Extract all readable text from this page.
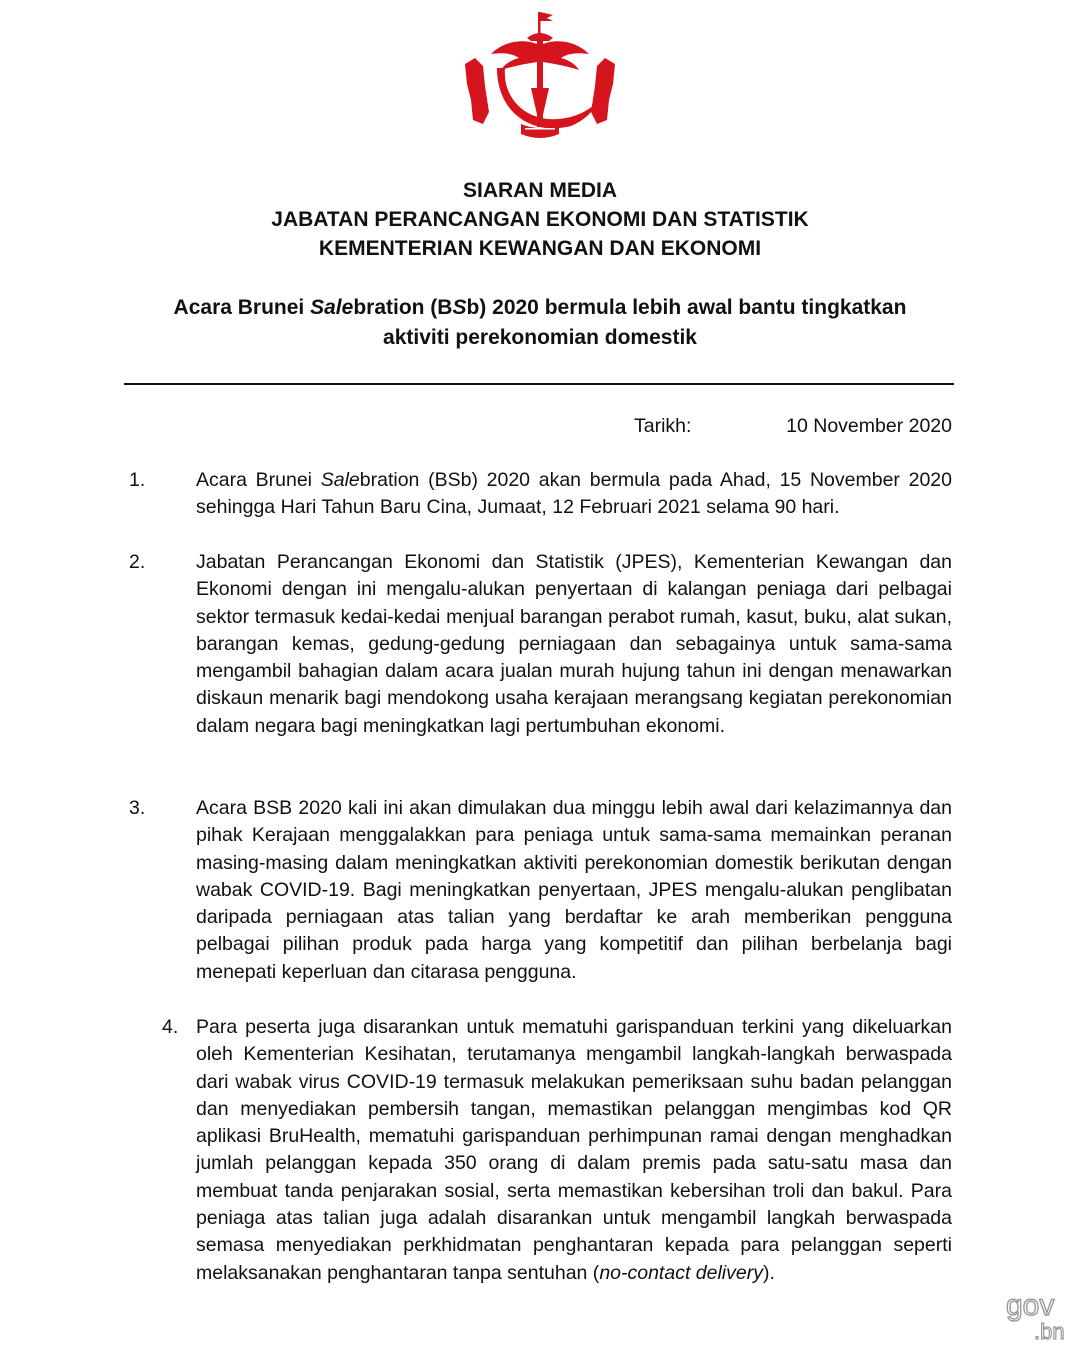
SIARAN MEDIA
JABATAN PERANCANGAN EKONOMI DAN STATISTIK
KEMENTERIAN KEWANGAN DAN EKONOMI
Acara Brunei Salebration (BSb) 2020 bermula lebih awal bantu tingkatkan
aktiviti perekonomian domestik
Tarikh:	10 November 2020
1.	Acara Brunei Salebration (BSb) 2020 akan bermula pada Ahad, 15 November 2020 sehingga Hari Tahun Baru Cina, Jumaat, 12 Februari 2021 selama 90 hari.

2.	Jabatan Perancangan Ekonomi dan Statistik (JPES), Kementerian Kewangan dan Ekonomi dengan ini mengalu-alukan penyertaan di kalangan peniaga dari pelbagai sektor termasuk kedai-kedai menjual barangan perabot rumah, kasut, buku, alat sukan, barangan kemas, gedung-gedung perniagaan dan sebagainya untuk sama-sama mengambil bahagian dalam acara jualan murah hujung tahun ini dengan menawarkan diskaun menarik bagi mendokong usaha kerajaan merangsang kegiatan perekonomian dalam negara bagi meningkatkan lagi pertumbuhan ekonomi.

3.	Acara BSB 2020 kali ini akan dimulakan dua minggu lebih awal dari kelazimannya dan pihak Kerajaan menggalakkan para peniaga untuk sama-sama memainkan peranan masing-masing dalam meningkatkan aktiviti perekonomian domestik berikutan dengan wabak COVID-19. Bagi meningkatkan penyertaan, JPES mengalu-alukan penglibatan daripada perniagaan atas talian yang berdaftar ke arah memberikan pengguna pelbagai pilihan produk pada harga yang kompetitif dan pilihan berbelanja bagi menepati keperluan dan citarasa pengguna.

4. Para peserta juga disarankan untuk mematuhi garispanduan terkini yang dikeluarkan oleh Kementerian Kesihatan, terutamanya mengambil langkah-langkah berwaspada dari wabak virus COVID-19 termasuk melakukan pemeriksaan suhu badan pelanggan dan menyediakan pembersih tangan, memastikan pelanggan mengimbas kod QR aplikasi BruHealth, mematuhi garispanduan perhimpunan ramai dengan menghadkan jumlah pelanggan kepada 350 orang di dalam premis pada satu-satu masa dan membuat tanda penjarakan sosial, serta memastikan kebersihan troli dan bakul. Para peniaga atas talian juga adalah disarankan untuk mengambil langkah berwaspada semasa menyediakan perkhidmatan penghantaran kepada para pelanggan seperti melaksanakan penghantaran tanpa sentuhan (no-contact delivery).

gov
.bn
